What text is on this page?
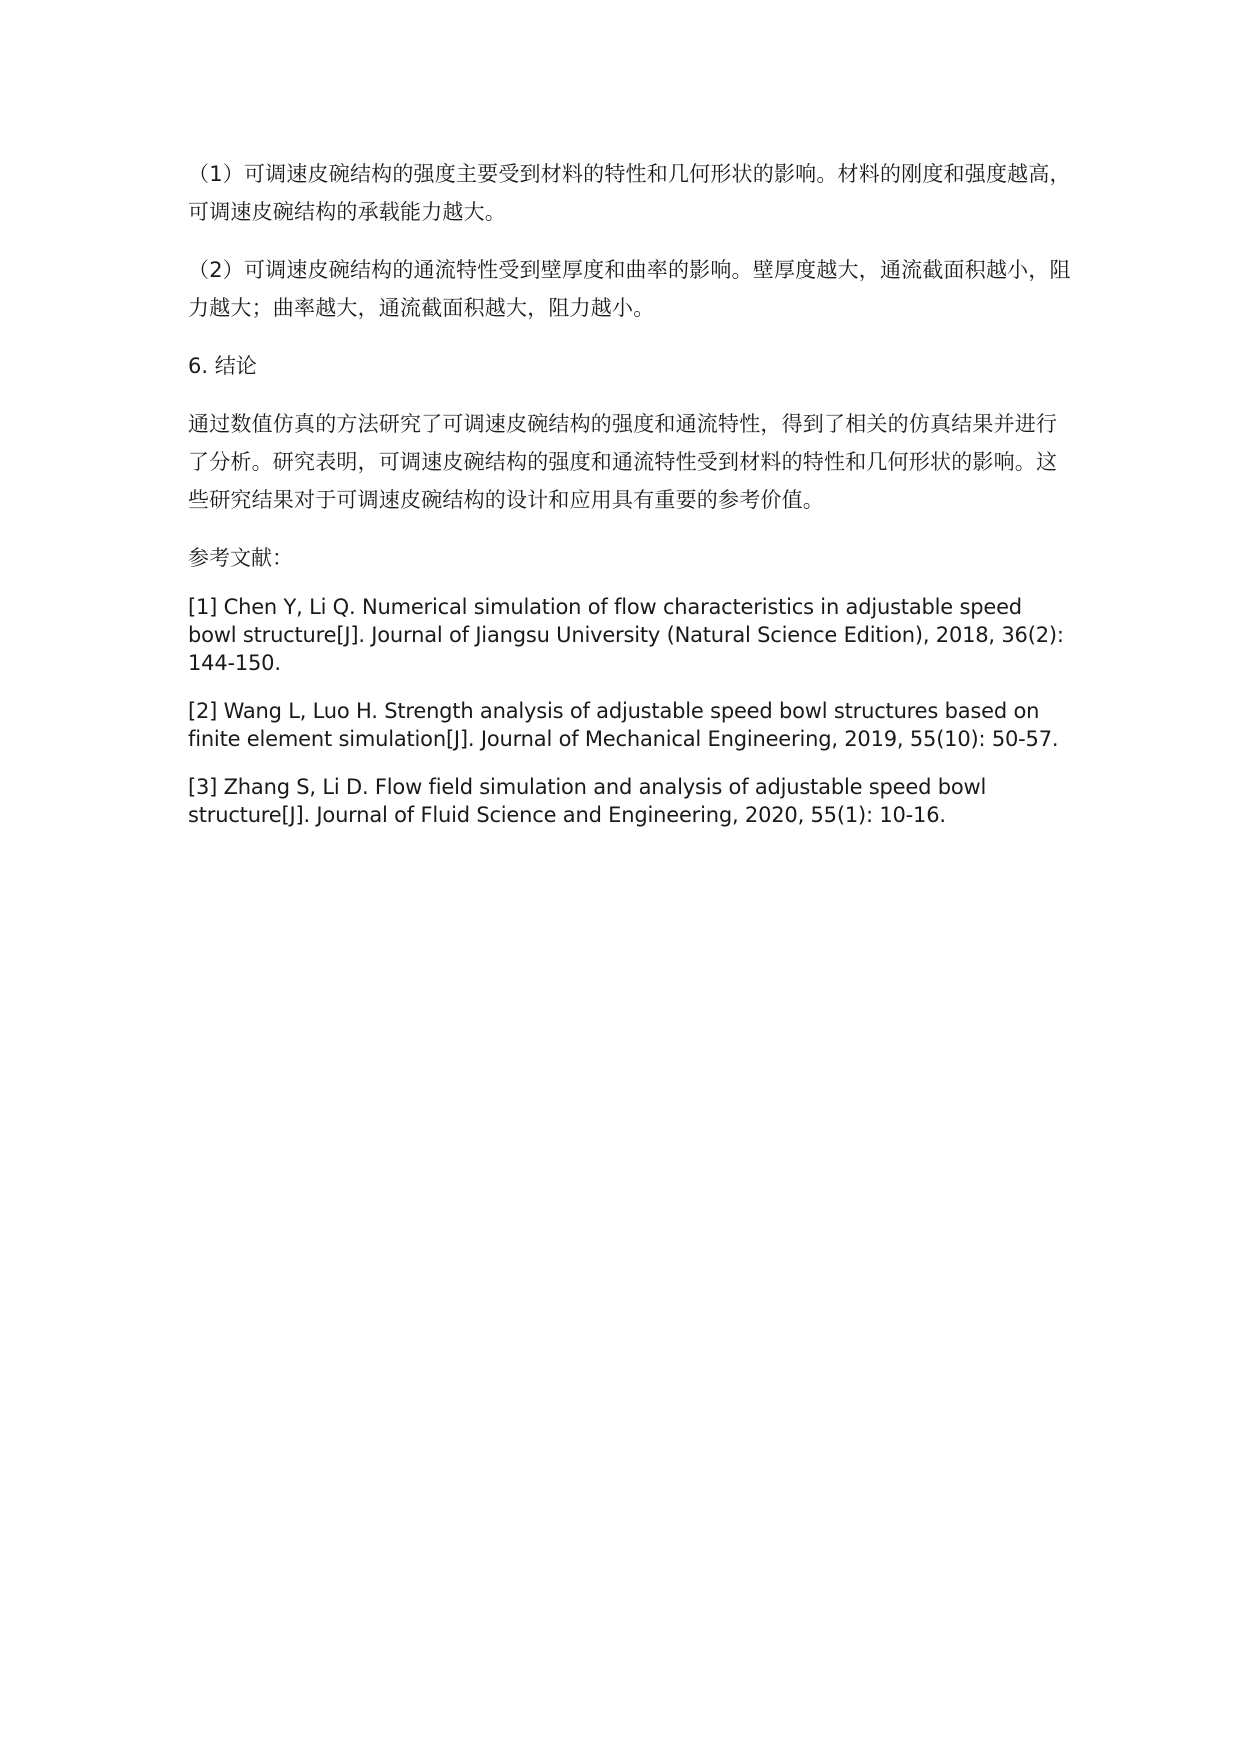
（1）可调速皮碗结构的强度主要受到材料的特性和几何形状的影响。材料的刚度和强度越高，可调速皮碗结构的承载能力越大。

（2）可调速皮碗结构的通流特性受到壁厚度和曲率的影响。壁厚度越大，通流截面积越小，阻力越大；曲率越大，通流截面积越大，阻力越小。

6. 结论

通过数值仿真的方法研究了可调速皮碗结构的强度和通流特性，得到了相关的仿真结果并进行了分析。研究表明，可调速皮碗结构的强度和通流特性受到材料的特性和几何形状的影响。这些研究结果对于可调速皮碗结构的设计和应用具有重要的参考价值。

参考文献：

[1] Chen Y, Li Q. Numerical simulation of flow characteristics in adjustable speed bowl structure[J]. Journal of Jiangsu University (Natural Science Edition), 2018, 36(2): 144-150.

[2] Wang L, Luo H. Strength analysis of adjustable speed bowl structures based on finite element simulation[J]. Journal of Mechanical Engineering, 2019, 55(10): 50-57.

[3] Zhang S, Li D. Flow field simulation and analysis of adjustable speed bowl structure[J]. Journal of Fluid Science and Engineering, 2020, 55(1): 10-16.
